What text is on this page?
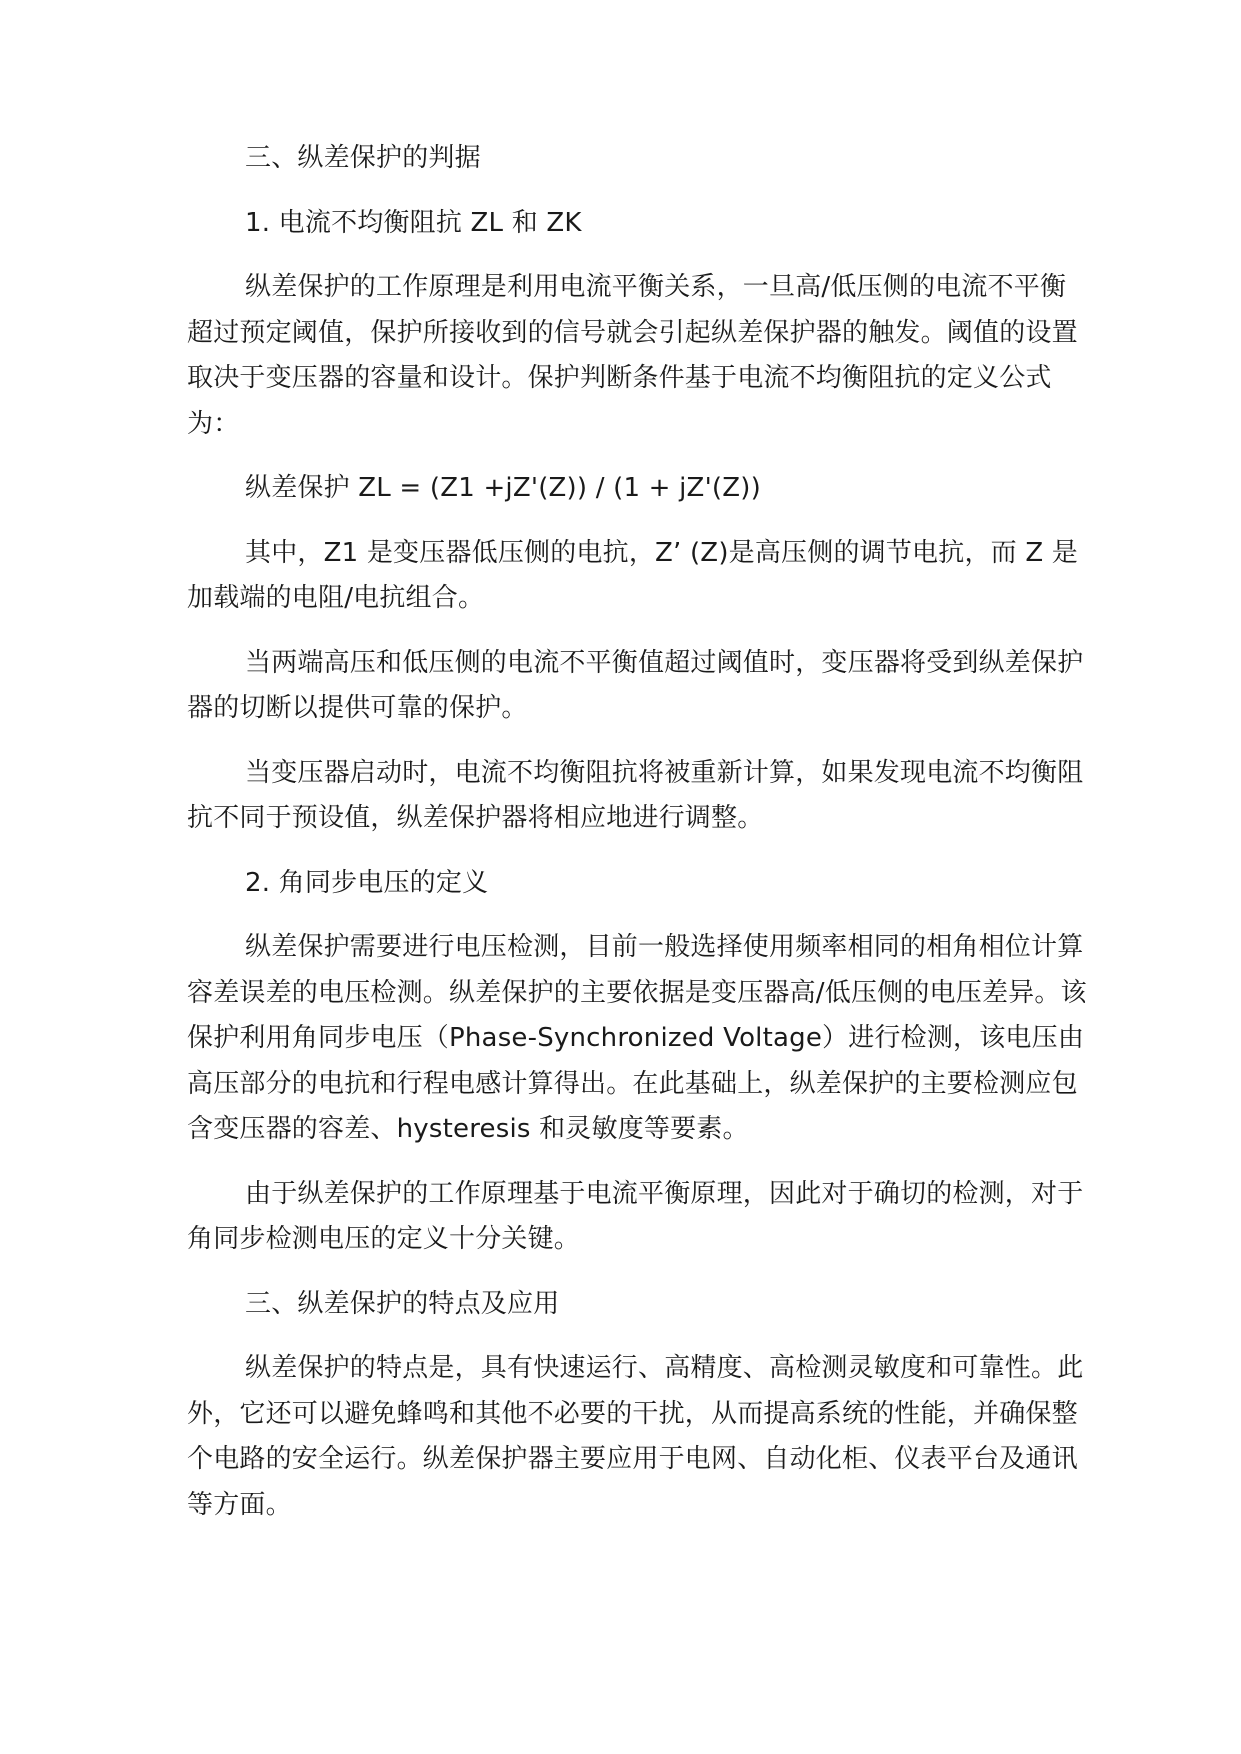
三、纵差保护的判据

1. 电流不均衡阻抗 ZL 和 ZK

纵差保护的工作原理是利用电流平衡关系，一旦高/低压侧的电流不平衡超过预定阈值，保护所接收到的信号就会引起纵差保护器的触发。阈值的设置取决于变压器的容量和设计。保护判断条件基于电流不均衡阻抗的定义公式为：

纵差保护 ZL = (Z1 +jZ'(Z)) / (1 + jZ'(Z))

其中，Z1 是变压器低压侧的电抗，Z’ (Z)是高压侧的调节电抗，而 Z 是加载端的电阻/电抗组合。

当两端高压和低压侧的电流不平衡值超过阈值时，变压器将受到纵差保护器的切断以提供可靠的保护。

当变压器启动时，电流不均衡阻抗将被重新计算，如果发现电流不均衡阻抗不同于预设值，纵差保护器将相应地进行调整。

2. 角同步电压的定义

纵差保护需要进行电压检测，目前一般选择使用频率相同的相角相位计算容差误差的电压检测。纵差保护的主要依据是变压器高/低压侧的电压差异。该保护利用角同步电压（Phase-Synchronized Voltage）进行检测，该电压由高压部分的电抗和行程电感计算得出。在此基础上，纵差保护的主要检测应包含变压器的容差、hysteresis 和灵敏度等要素。

由于纵差保护的工作原理基于电流平衡原理，因此对于确切的检测，对于角同步检测电压的定义十分关键。

三、纵差保护的特点及应用

纵差保护的特点是，具有快速运行、高精度、高检测灵敏度和可靠性。此外，它还可以避免蜂鸣和其他不必要的干扰，从而提高系统的性能，并确保整个电路的安全运行。纵差保护器主要应用于电网、自动化柜、仪表平台及通讯等方面。
